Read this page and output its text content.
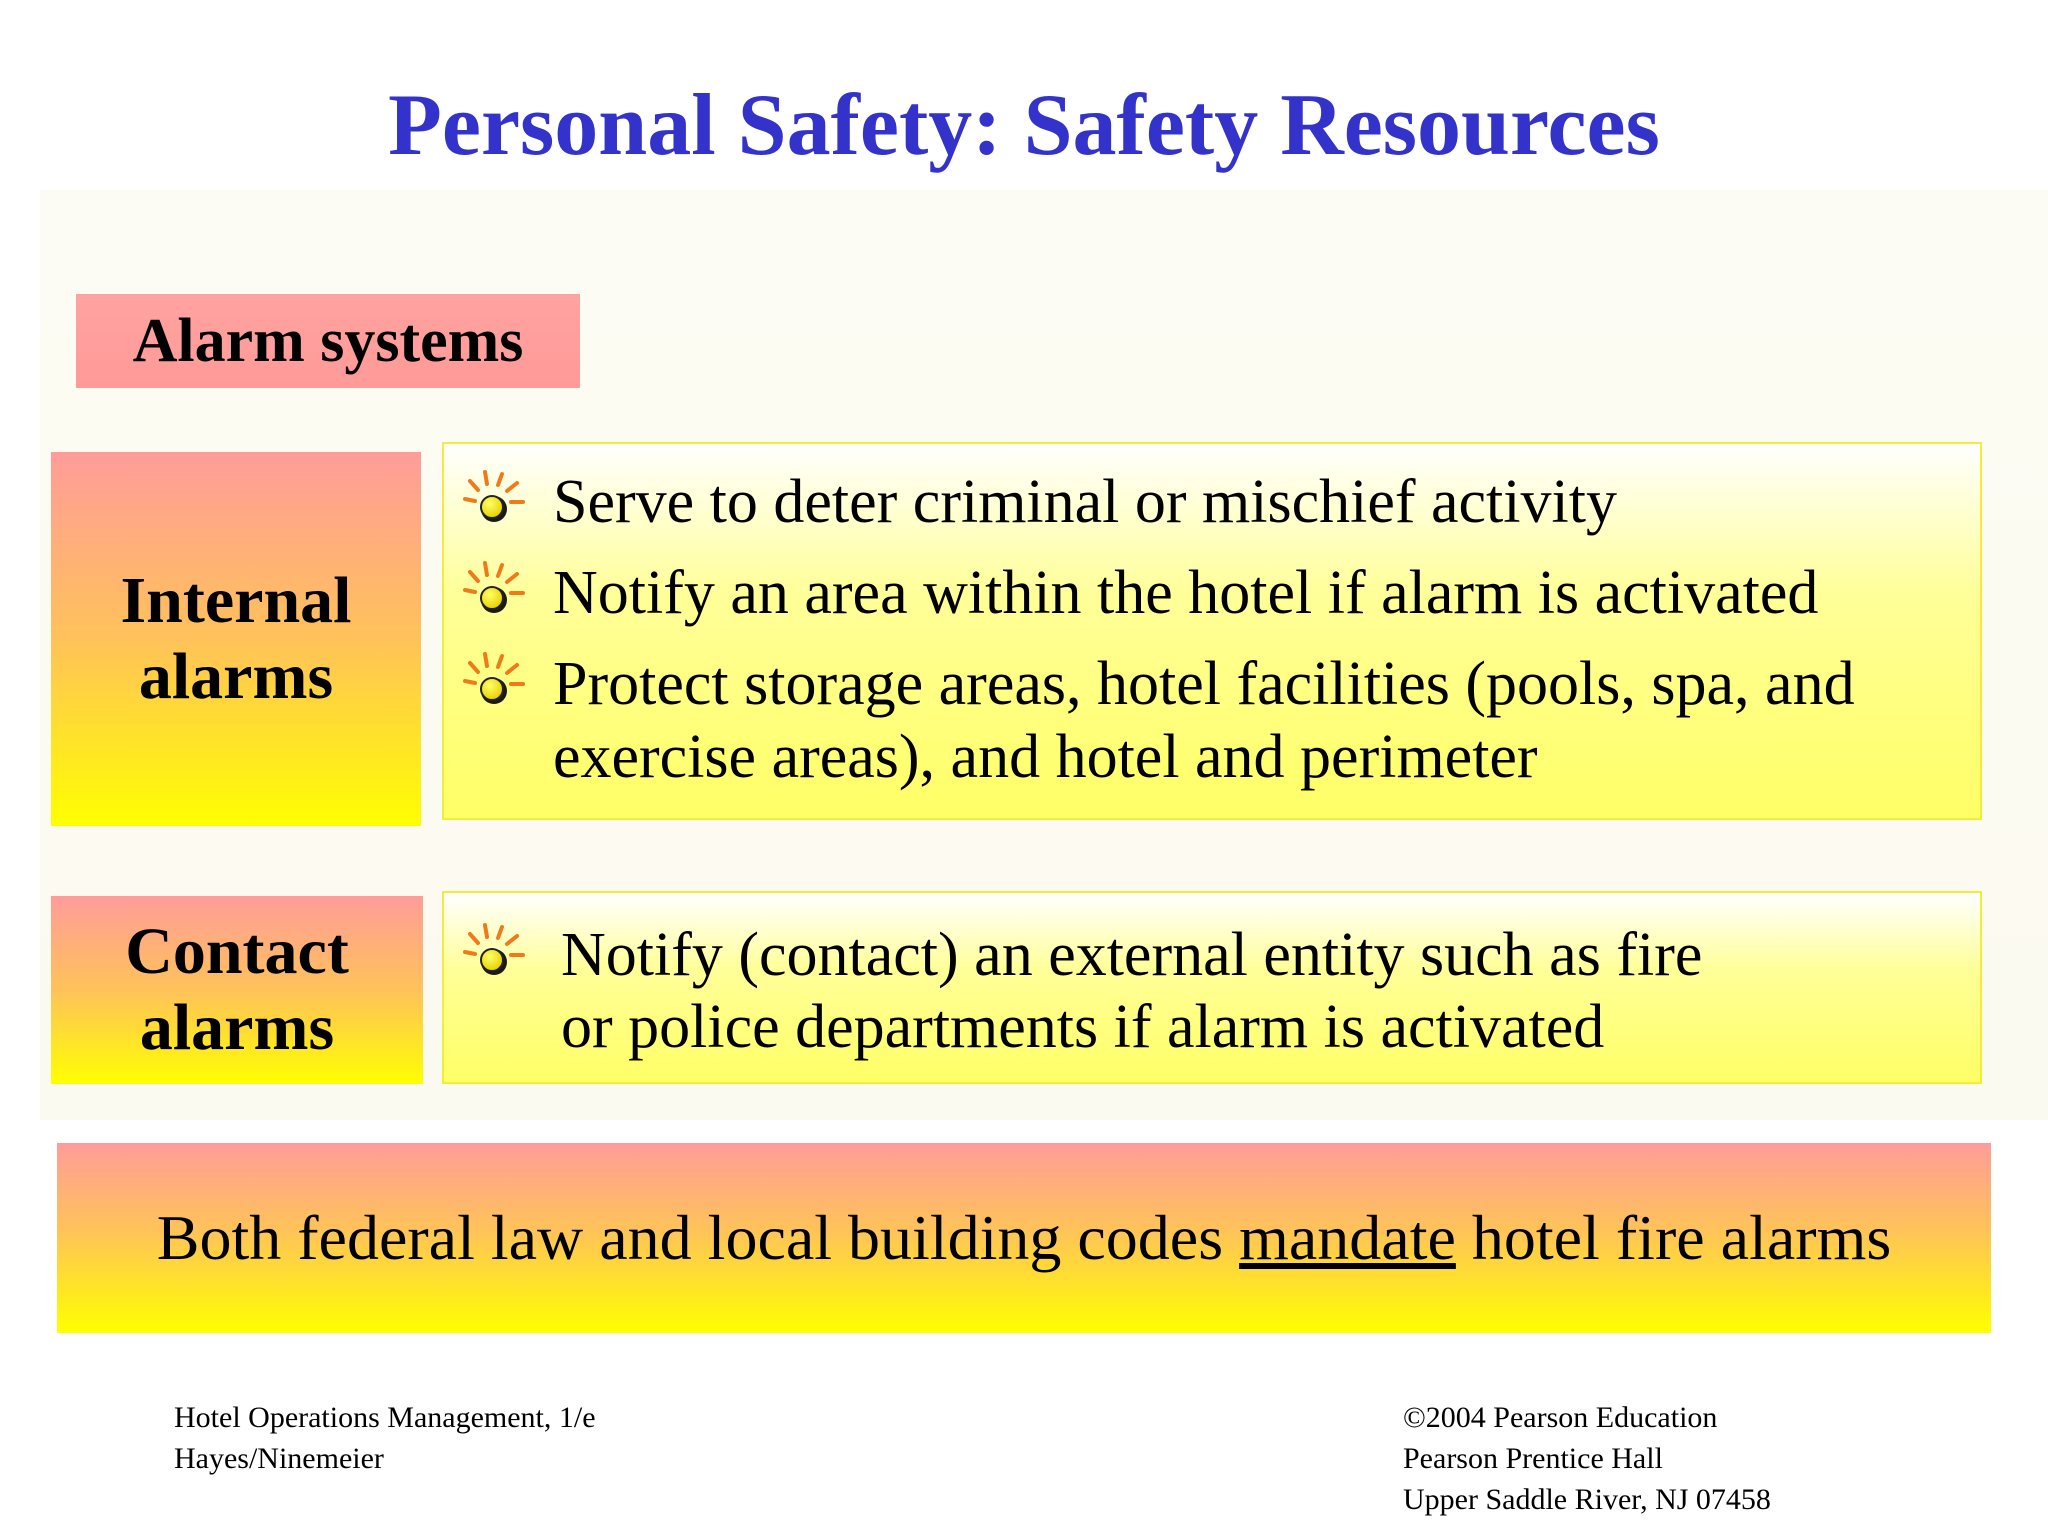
Personal Safety: Safety Resources
Alarm systems
Internal
alarms
Serve to deter criminal or mischief activity
Notify an area within the hotel if alarm is activated
Protect storage areas, hotel facilities (pools, spa, and
exercise areas), and hotel and perimeter
Contact
alarms
Notify (contact) an external entity such as fire
or police departments if alarm is activated
Both federal law and local building codes mandate hotel fire alarms
Hotel Operations Management, 1/e
Hayes/Ninemeier
©2004 Pearson Education
Pearson Prentice Hall
Upper Saddle River, NJ 07458
